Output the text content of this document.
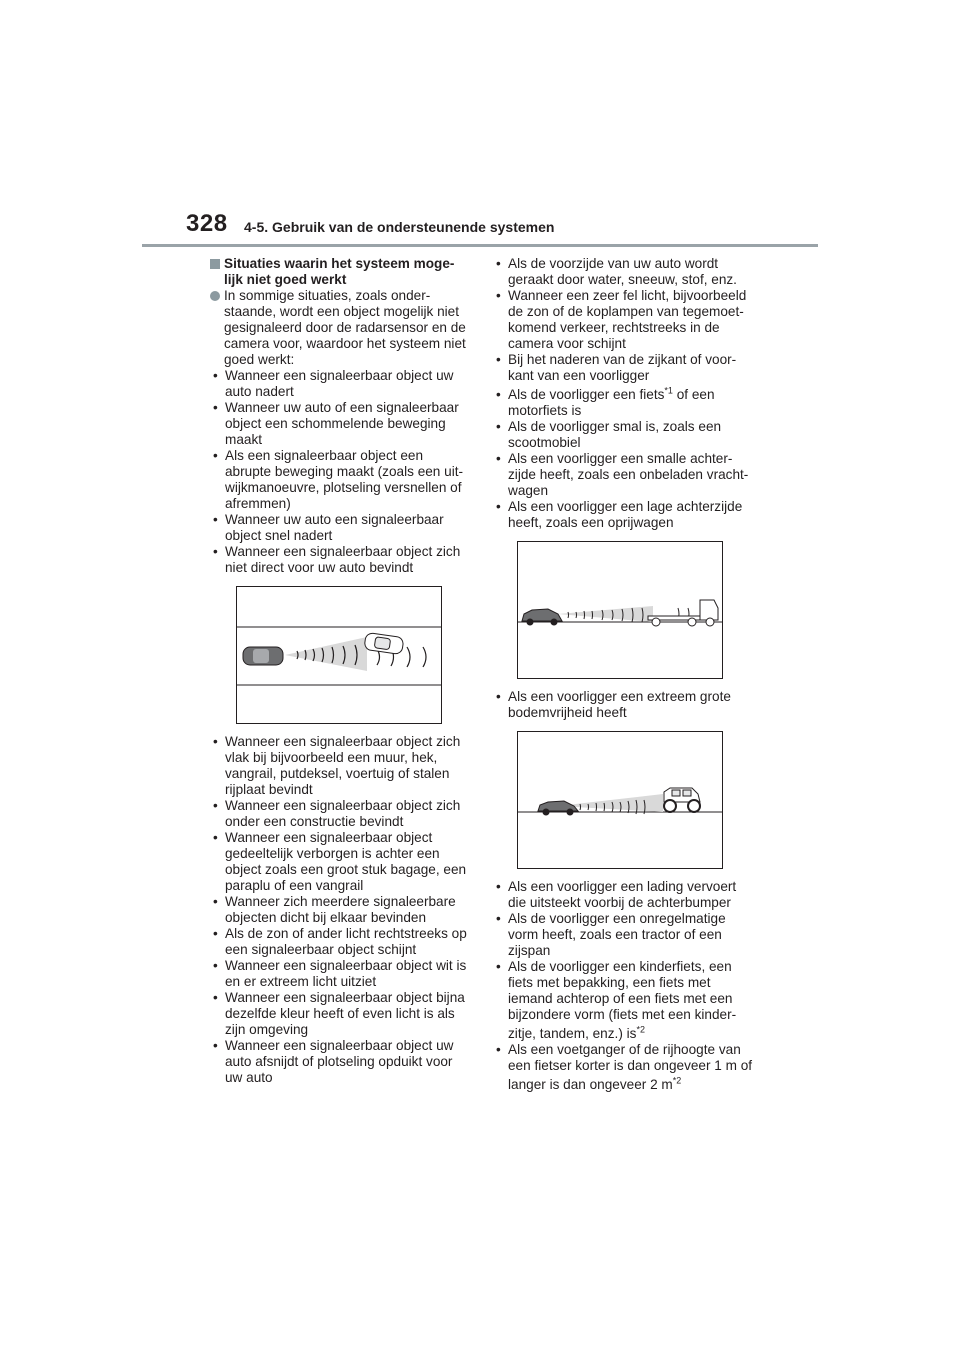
328 4-5. Gebruik van de ondersteunende systemen
Situaties waarin het systeem moge-
lijk niet goed werkt
In sommige situaties, zoals onder-
staande, wordt een object mogelijk niet
gesignaleerd door de radarsensor en de
camera voor, waardoor het systeem niet
goed werkt:
• Wanneer een signaleerbaar object uw
auto nadert
• Wanneer uw auto of een signaleerbaar
object een schommelende beweging
maakt
• Als een signaleerbaar object een
abrupte beweging maakt (zoals een uit-
wijkmanoeuvre, plotseling versnellen of
afremmen)
• Wanneer uw auto een signaleerbaar
object snel nadert
• Wanneer een signaleerbaar object zich
niet direct voor uw auto bevindt
• Wanneer een signaleerbaar object zich
vlak bij bijvoorbeeld een muur, hek,
vangrail, putdeksel, voertuig of stalen
rijplaat bevindt
• Wanneer een signaleerbaar object zich
onder een constructie bevindt
• Wanneer een signaleerbaar object
gedeeltelijk verborgen is achter een
object zoals een groot stuk bagage, een
paraplu of een vangrail
• Wanneer zich meerdere signaleerbare
objecten dicht bij elkaar bevinden
• Als de zon of ander licht rechtstreeks op
een signaleerbaar object schijnt
• Wanneer een signaleerbaar object wit is
en er extreem licht uitziet
• Wanneer een signaleerbaar object bijna
dezelfde kleur heeft of even licht is als
zijn omgeving
• Wanneer een signaleerbaar object uw
auto afsnijdt of plotseling opduikt voor
uw auto
• Als de voorzijde van uw auto wordt
geraakt door water, sneeuw, stof, enz.
• Wanneer een zeer fel licht, bijvoorbeeld
de zon of de koplampen van tegemoet-
komend verkeer, rechtstreeks in de
camera voor schijnt
• Bij het naderen van de zijkant of voor-
kant van een voorligger
• Als de voorligger een fiets$^{*1}$ of een
motorfiets is
• Als de voorligger smal is, zoals een
scootmobiel
• Als een voorligger een smalle achter-
zijde heeft, zoals een onbeladen vracht-
wagen
• Als een voorligger een lage achterzijde
heeft, zoals een oprijwagen
• Als een voorligger een extreem grote
bodemvrijheid heeft
• Als een voorligger een lading vervoert
die uitsteekt voorbij de achterbumper
• Als de voorligger een onregelmatige
vorm heeft, zoals een tractor of een
zijspan
• Als de voorligger een kinderfiets, een
fiets met bepakking, een fiets met
iemand achterop of een fiets met een
bijzondere vorm (fiets met een kinder-
zitje, tandem, enz.) $is^{*2}$
• Als een voetganger of de rijhoogte van
een fietser korter is dan ongeveer 1 m of
langer is dan ongeveer 2 $m^{*2}$
